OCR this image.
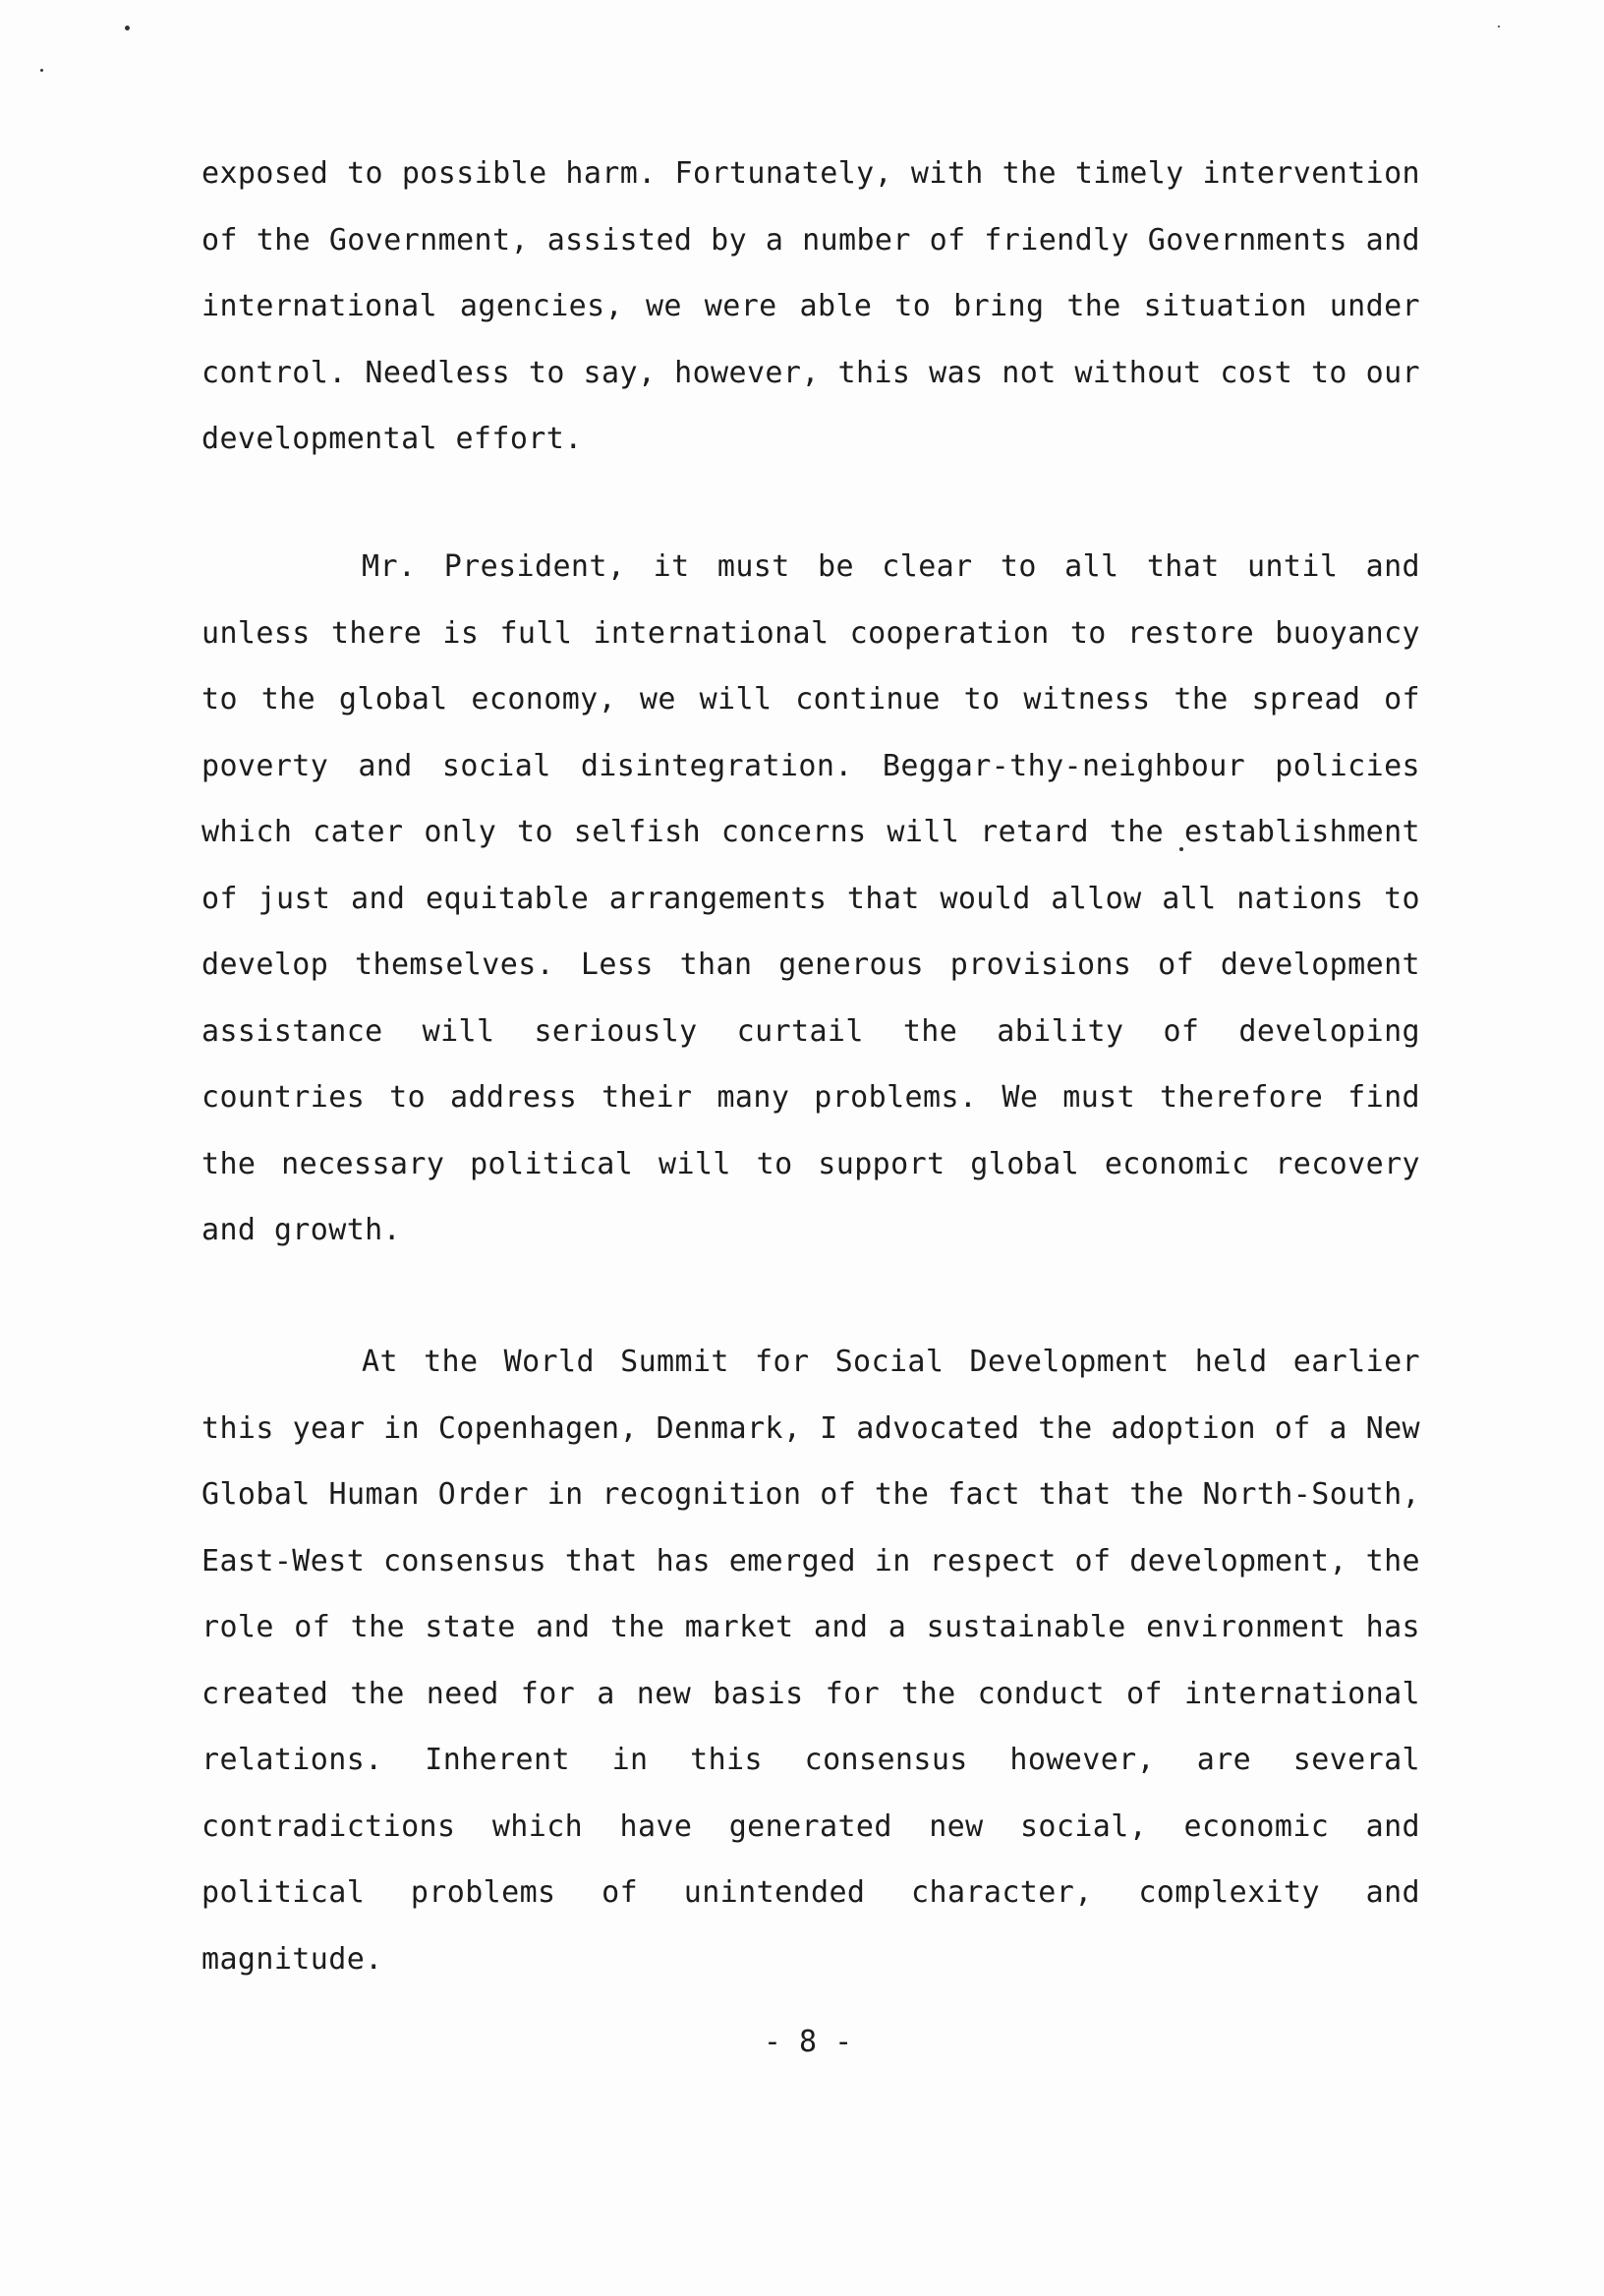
exposed to possible harm. Fortunately, with the timely intervention of the Government, assisted by a number of friendly Governments and international agencies, we were able to bring the situation under control. Needless to say, however, this was not without cost to our developmental effort.

Mr. President, it must be clear to all that until and unless there is full international cooperation to restore buoyancy to the global economy, we will continue to witness the spread of poverty and social disintegration. Beggar-thy-neighbour policies which cater only to selfish concerns will retard the establishment of just and equitable arrangements that would allow all nations to develop themselves. Less than generous provisions of development assistance will seriously curtail the ability of developing countries to address their many problems. We must therefore find the necessary political will to support global economic recovery and growth.

At the World Summit for Social Development held earlier this year in Copenhagen, Denmark, I advocated the adoption of a New Global Human Order in recognition of the fact that the North-South, East-West consensus that has emerged in respect of development, the role of the state and the market and a sustainable environment has created the need for a new basis for the conduct of international relations. Inherent in this consensus however, are several contradictions which have generated new social, economic and political problems of unintended character, complexity and magnitude.

- 8 -
